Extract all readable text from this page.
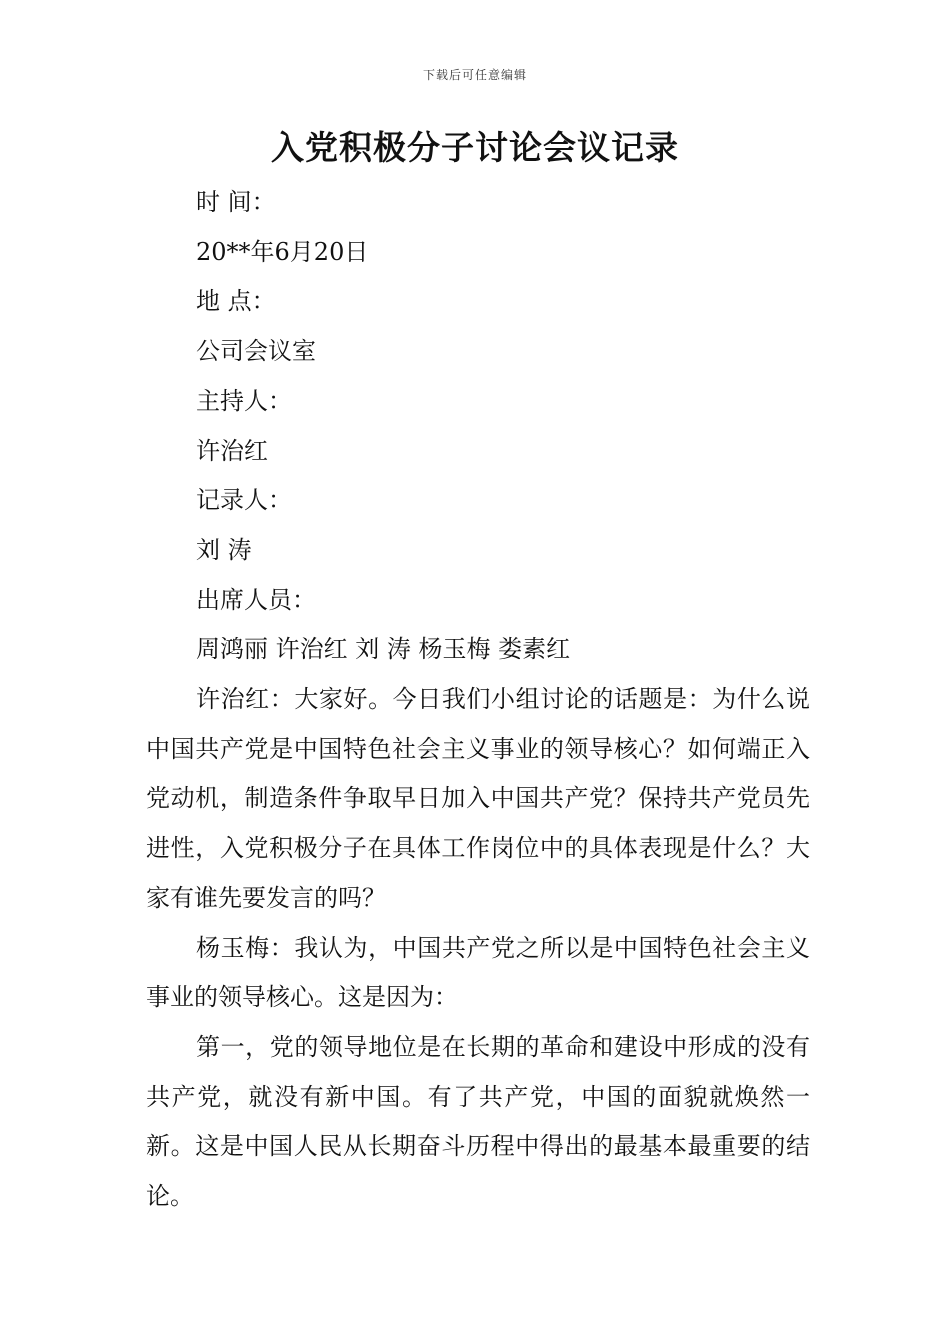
下载后可任意编辑
入党积极分子讨论会议记录

时 间：

20**年6月20日

地 点：

公司会议室

主持人：

许治红

记录人：

刘 涛

出席人员：

周鸿丽 许治红 刘 涛 杨玉梅 娄素红

许治红：大家好。今日我们小组讨论的话题是：为什么说中国共产党是中国特色社会主义事业的领导核心？如何端正入党动机，制造条件争取早日加入中国共产党？保持共产党员先进性，入党积极分子在具体工作岗位中的具体表现是什么？大家有谁先要发言的吗？

杨玉梅：我认为，中国共产党之所以是中国特色社会主义事业的领导核心。这是因为：

第一，党的领导地位是在长期的革命和建设中形成的没有共产党，就没有新中国。有了共产党，中国的面貌就焕然一新。这是中国人民从长期奋斗历程中得出的最基本最重要的结论。
